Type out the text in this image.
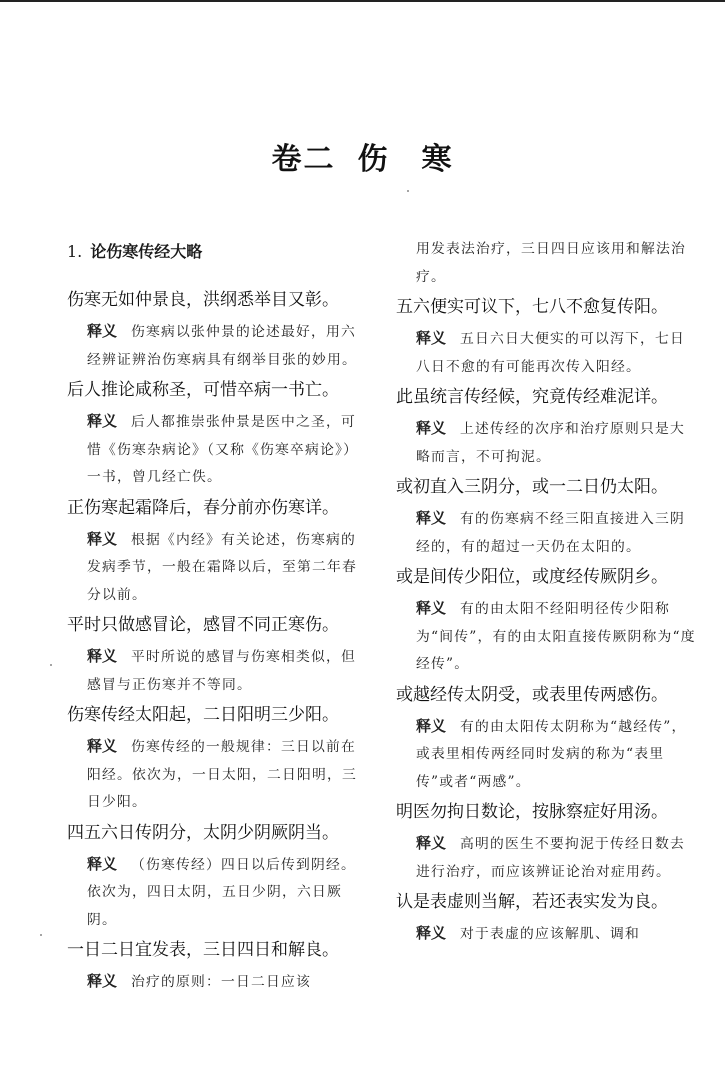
卷二 伤　寒
1. 论伤寒传经大略
伤寒无如仲景良，洪纲悉举目又彰。
释义 伤寒病以张仲景的论述最好，用六经辨证辨治伤寒病具有纲举目张的妙用。
后人推论咸称圣，可惜卒病一书亡。
释义 后人都推崇张仲景是医中之圣，可惜《伤寒杂病论》（又称《伤寒卒病论》）一书，曾几经亡佚。
正伤寒起霜降后，春分前亦伤寒详。
释义 根据《内经》有关论述，伤寒病的发病季节，一般在霜降以后，至第二年春分以前。
平时只做感冒论，感冒不同正寒伤。
释义 平时所说的感冒与伤寒相类似，但感冒与正伤寒并不等同。
伤寒传经太阳起，二日阳明三少阳。
释义 伤寒传经的一般规律：三日以前在阳经。依次为，一日太阳，二日阳明，三日少阳。
四五六日传阴分，太阴少阴厥阴当。
释义 （伤寒传经）四日以后传到阴经。依次为，四日太阴，五日少阴，六日厥阴。
一日二日宜发表，三日四日和解良。
释义 治疗的原则：一日二日应该
用发表法治疗，三日四日应该用和解法治疗。
五六便实可议下，七八不愈复传阳。
释义 五日六日大便实的可以泻下，七日八日不愈的有可能再次传入阳经。
此虽统言传经候，究竟传经难泥详。
释义 上述传经的次序和治疗原则只是大略而言，不可拘泥。
或初直入三阴分，或一二日仍太阳。
释义 有的伤寒病不经三阳直接进入三阴经的，有的超过一天仍在太阳的。
或是间传少阳位，或度经传厥阴乡。
释义 有的由太阳不经阳明径传少阳称为“间传”，有的由太阳直接传厥阴称为“度经传”。
或越经传太阴受，或表里传两感伤。
释义 有的由太阳传太阴称为“越经传”，或表里相传两经同时发病的称为“表里传”或者“两感”。
明医勿拘日数论，按脉察症好用汤。
释义 高明的医生不要拘泥于传经日数去进行治疗，而应该辨证论治对症用药。
认是表虚则当解，若还表实发为良。
释义 对于表虚的应该解肌、调和
